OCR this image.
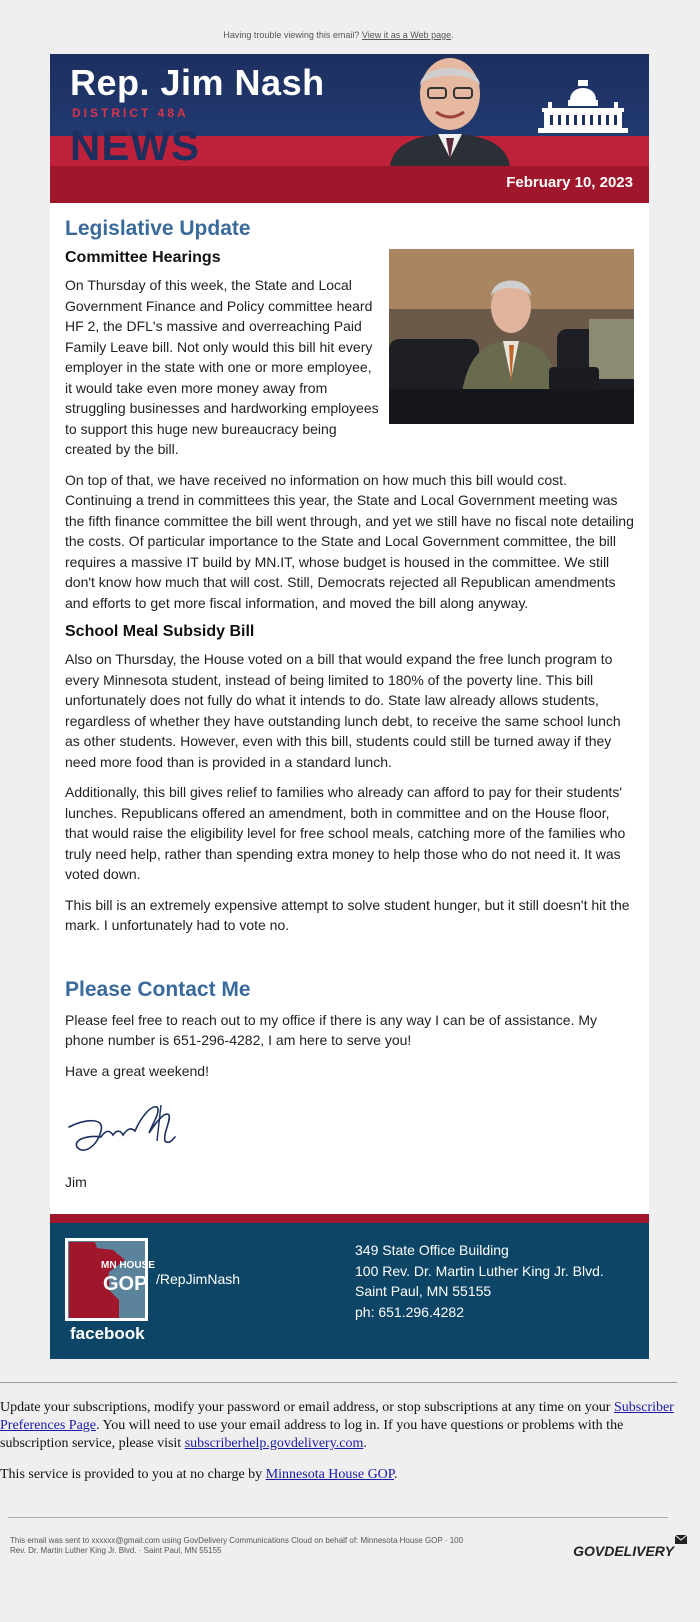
Having trouble viewing this email? View it as a Web page.
Rep. Jim Nash
DISTRICT 48A
NEWS
February 10, 2023
Legislative Update
Committee Hearings

On Thursday of this week, the State and Local Government Finance and Policy committee heard HF 2, the DFL's massive and overreaching Paid Family Leave bill. Not only would this bill hit every employer in the state with one or more employee, it would take even more money away from struggling businesses and hardworking employees to support this huge new bureaucracy being created by the bill.

On top of that, we have received no information on how much this bill would cost. Continuing a trend in committees this year, the State and Local Government meeting was the fifth finance committee the bill went through, and yet we still have no fiscal note detailing the costs. Of particular importance to the State and Local Government committee, the bill requires a massive IT build by MN.IT, whose budget is housed in the committee. We still don't know how much that will cost. Still, Democrats rejected all Republican amendments and efforts to get more fiscal information, and moved the bill along anyway.

School Meal Subsidy Bill

Also on Thursday, the House voted on a bill that would expand the free lunch program to every Minnesota student, instead of being limited to 180% of the poverty line. This bill unfortunately does not fully do what it intends to do. State law already allows students, regardless of whether they have outstanding lunch debt, to receive the same school lunch as other students. However, even with this bill, students could still be turned away if they need more food than is provided in a standard lunch.

Additionally, this bill gives relief to families who already can afford to pay for their students' lunches. Republicans offered an amendment, both in committee and on the House floor, that would raise the eligibility level for free school meals, catching more of the families who truly need help, rather than spending extra money to help those who do not need it. It was voted down.

This bill is an extremely expensive attempt to solve student hunger, but it still doesn't hit the mark. I unfortunately had to vote no.

Please Contact Me

Please feel free to reach out to my office if there is any way I can be of assistance. My phone number is 651-296-4282, I am here to serve you!

Have a great weekend!

Jim

MN HOUSE
GOP
facebook
/RepJimNash
349 State Office Building
100 Rev. Dr. Martin Luther King Jr. Blvd.
Saint Paul, MN 55155
ph: 651.296.4282
Update your subscriptions, modify your password or email address, or stop subscriptions at any time on your Subscriber Preferences Page. You will need to use your email address to log in. If you have questions or problems with the subscription service, please visit subscriberhelp.govdelivery.com.
This service is provided to you at no charge by Minnesota House GOP.
This email was sent to xxxxxx@gmail.com using GovDelivery Communications Cloud on behalf of: Minnesota House GOP · 100
Rev. Dr. Martin Luther King Jr. Blvd. · Saint Paul, MN 55155	GOVDELIVERY
